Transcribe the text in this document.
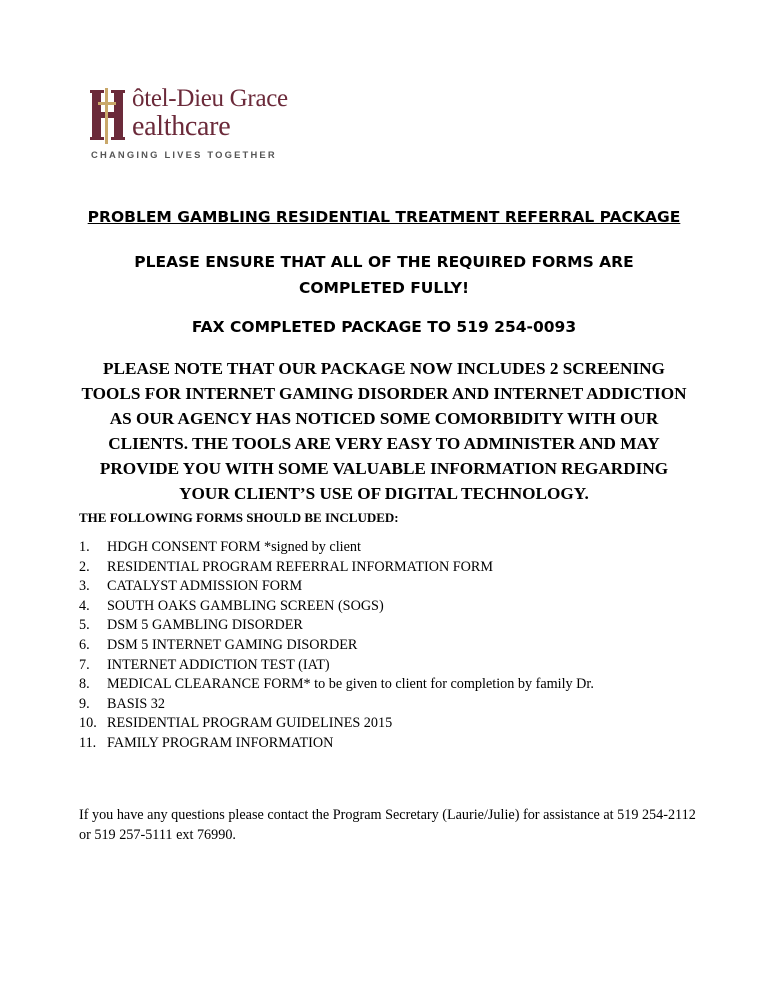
ôtel-Dieu Grace
ealthcare
CHANGING LIVES TOGETHER
PROBLEM GAMBLING RESIDENTIAL TREATMENT REFERRAL PACKAGE
PLEASE ENSURE THAT ALL OF THE REQUIRED FORMS ARE COMPLETED FULLY!
FAX COMPLETED PACKAGE TO 519 254-0093
PLEASE NOTE THAT OUR PACKAGE NOW INCLUDES 2 SCREENING TOOLS FOR INTERNET GAMING DISORDER AND INTERNET ADDICTION AS OUR AGENCY HAS NOTICED SOME COMORBIDITY WITH OUR CLIENTS. THE TOOLS ARE VERY EASY TO ADMINISTER AND MAY PROVIDE YOU WITH SOME VALUABLE INFORMATION REGARDING YOUR CLIENT’S USE OF DIGITAL TECHNOLOGY.
THE FOLLOWING FORMS SHOULD BE INCLUDED:
1. HDGH CONSENT FORM *signed by client
2. RESIDENTIAL PROGRAM REFERRAL INFORMATION FORM
3. CATALYST ADMISSION FORM
4. SOUTH OAKS GAMBLING SCREEN (SOGS)
5. DSM 5 GAMBLING DISORDER
6. DSM 5 INTERNET GAMING DISORDER
7. INTERNET ADDICTION TEST (IAT)
8. MEDICAL CLEARANCE FORM* to be given to client for completion by family Dr.
9. BASIS 32
10. RESIDENTIAL PROGRAM GUIDELINES 2015
11. FAMILY PROGRAM INFORMATION
If you have any questions please contact the Program Secretary (Laurie/Julie) for assistance at 519 254-2112 or 519 257-5111 ext 76990.
